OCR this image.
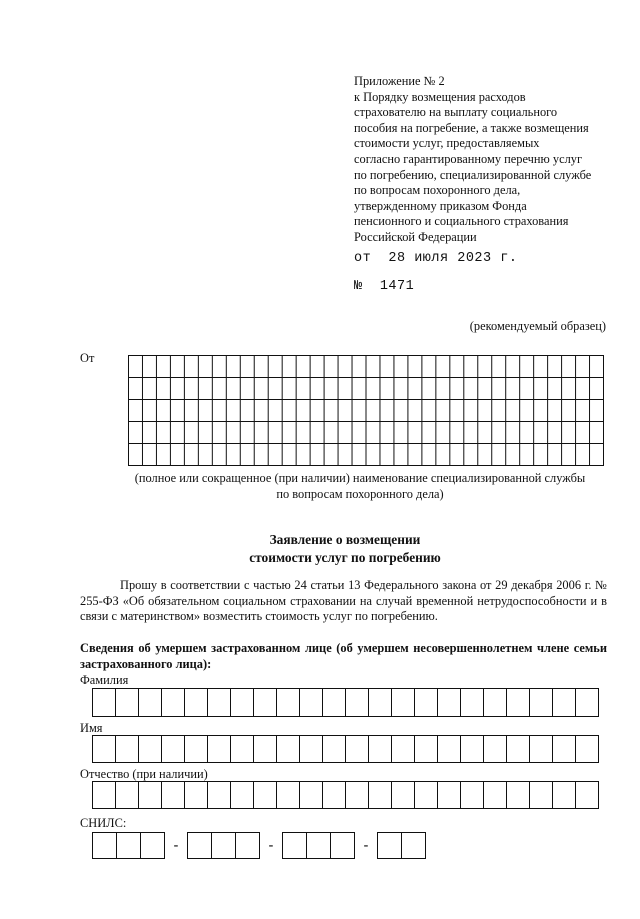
Приложение № 2
к Порядку возмещения расходов
страхователю на выплату социального
пособия на погребение, а также возмещения
стоимости услуг, предоставляемых
согласно гарантированному перечню услуг
по погребению, специализированной службе
по вопросам похоронного дела,
утвержденному приказом Фонда
пенсионного и социального страхования
Российской Федерации
от 28 июля 2023 г.
№ 1471
(рекомендуемый образец)
От
(полное или сокращенное (при наличии) наименование специализированной службы
по вопросам похоронного дела)
Заявление о возмещении
стоимости услуг по погребению
Прошу в соответствии с частью 24 статьи 13 Федерального закона от 29 декабря 2006 г. № 255-ФЗ «Об обязательном социальном страховании на случай временной нетрудоспособности и в связи с материнством» возместить стоимость услуг по погребению.
Сведения об умершем застрахованном лице (об умершем несовершеннолетнем члене семьи застрахованного лица):
Фамилия
Имя
Отчество (при наличии)
СНИЛС:
-	-	-
